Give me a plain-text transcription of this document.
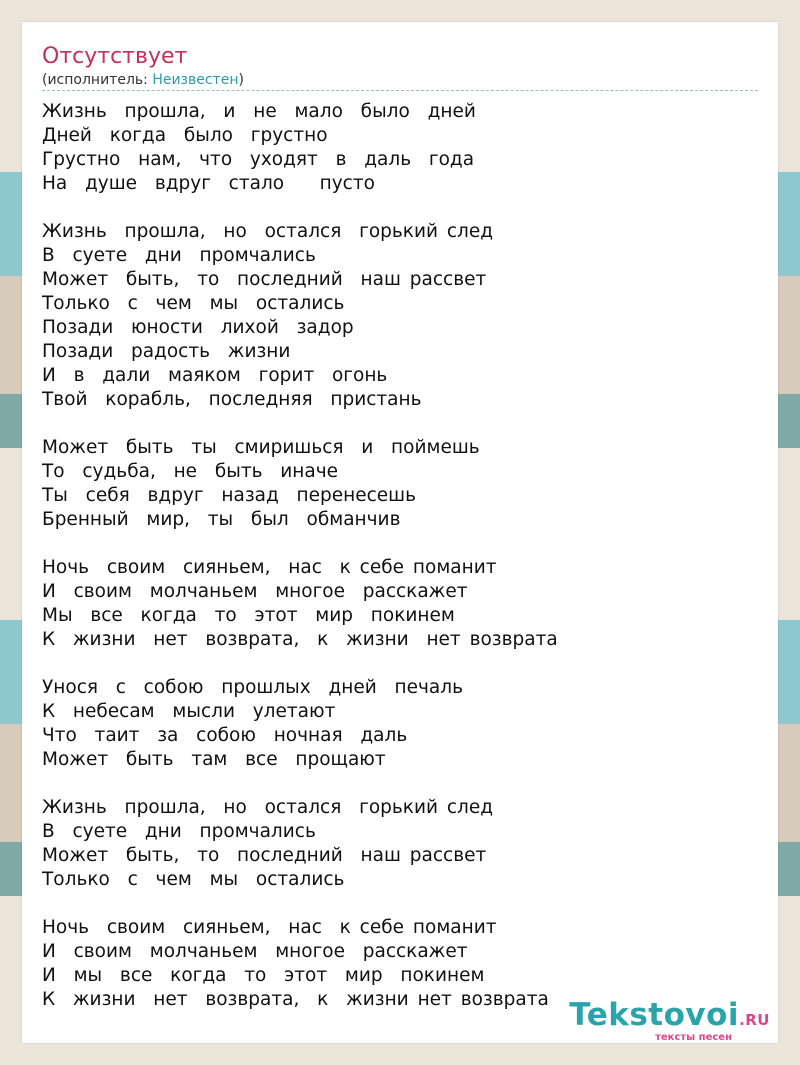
Отсутствует
(исполнитель: Неизвестен)
Жизнь  прошла,  и  не  мало  было  дней
Дней  когда  было  грустно
Грустно  нам,  что  уходят  в  даль  года
На  душе  вдруг  стало    пусто
Жизнь  прошла,  но  остался  горький след
В  суете  дни  промчались
Может  быть,  то  последний  наш рассвет
Только  с  чем  мы  остались
Позади  юности  лихой  задор
Позади  радость  жизни
И  в  дали  маяком  горит  огонь
Твой  корабль,  последняя  пристань
Может  быть  ты  смиришься  и  поймешь
То  судьба,  не  быть  иначе
Ты  себя  вдруг  назад  перенесешь
Бренный  мир,  ты  был  обманчив
Ночь  своим  сияньем,  нас  к себе поманит
И  своим  молчаньем  многое  расскажет
Мы  все  когда  то  этот  мир  покинем
К  жизни  нет  возврата,  к  жизни  нет возврата
Унося  с  собою  прошлых  дней  печаль
К  небесам  мысли  улетают
Что  таит  за  собою  ночная  даль
Может  быть  там  все  прощают
Жизнь  прошла,  но  остался  горький след
В  суете  дни  промчались
Может  быть,  то  последний  наш рассвет
Только  с  чем  мы  остались
Ночь  своим  сияньем,  нас  к себе поманит
И  своим  молчаньем  многое  расскажет
И  мы  все  когда  то  этот  мир  покинем
К  жизни  нет  возврата,  к  жизни нет возврата Tekstovoi.RU
тексты песен
